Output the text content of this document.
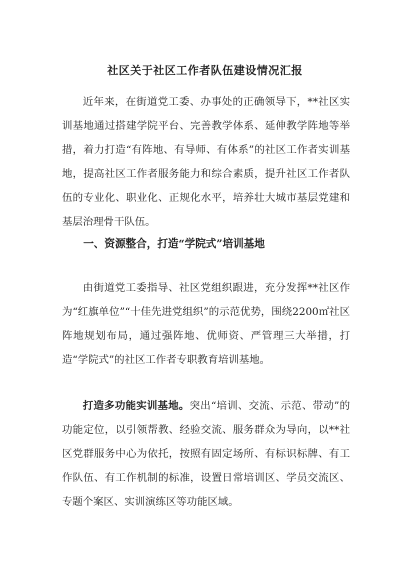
社区关于社区工作者队伍建设情况汇报

近年来，在街道党工委、办事处的正确领导下，**社区实训基地通过搭建学院平台、完善教学体系、延伸教学阵地等举措，着力打造“有阵地、有导师、有体系”的社区工作者实训基地，提高社区工作者服务能力和综合素质，提升社区工作者队伍的专业化、职业化、正规化水平，培养壮大城市基层党建和基层治理骨干队伍。

一、资源整合，打造“学院式”培训基地

由街道党工委指导、社区党组织跟进，充分发挥**社区作为“红旗单位”“十佳先进党组织”的示范优势，围绕2200㎡社区阵地规划布局，通过强阵地、优师资、严管理三大举措，打造“学院式”的社区工作者专职教育培训基地。

打造多功能实训基地。突出“培训、交流、示范、带动”的功能定位，以引领帮教、经验交流、服务群众为导向，以**社区党群服务中心为依托，按照有固定场所、有标识标牌、有工作队伍、有工作机制的标准，设置日常培训区、学员交流区、专题个案区、实训演练区等功能区域。
